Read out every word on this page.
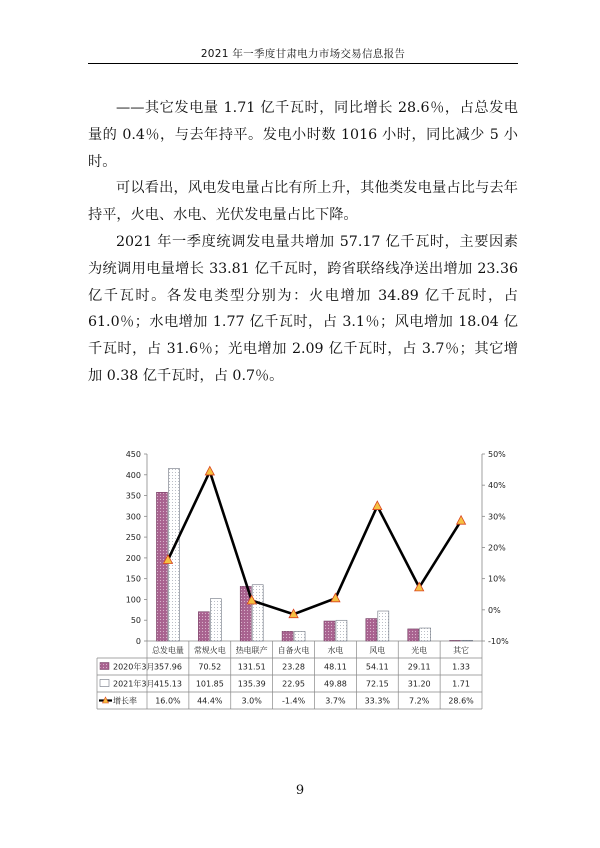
2021 年一季度甘肃电力市场交易信息报告

——其它发电量 1.71 亿千瓦时，同比增长 28.6％，占总发电量的 0.4％，与去年持平。发电小时数 1016 小时，同比减少 5 小时。

可以看出，风电发电量占比有所上升，其他类发电量占比与去年持平，火电、水电、光伏发电量占比下降。

2021 年一季度统调发电量共增加 57.17 亿千瓦时，主要因素为统调用电量增长 33.81 亿千瓦时，跨省联络线净送出增加 23.36 亿千瓦时。各发电类型分别为：火电增加 34.89 亿千瓦时，占 61.0％；水电增加 1.77 亿千瓦时，占 3.1％；风电增加 18.04 亿千瓦时，占 31.6％；光电增加 2.09 亿千瓦时，占 3.7％；其它增加 0.38 亿千瓦时，占 0.7％。

0
50
100
150
200
250
300
350
400
450
-10%
0%
10%
20%
30%
40%
50%
总发电量 常规火电 热电联产 自备火电 水电	风电	光电	其它
2020年3月 357.96 70.52 131.51 23.28 48.11 54.11 29.11	1.33
2021年3月 415.13 101.85 135.39 22.95 49.88 72.15 31.20	1.71
增长率 16.0% 44.4% 3.0%	-1.4%	3.7% 33.3% 7.2% 28.6%
9
